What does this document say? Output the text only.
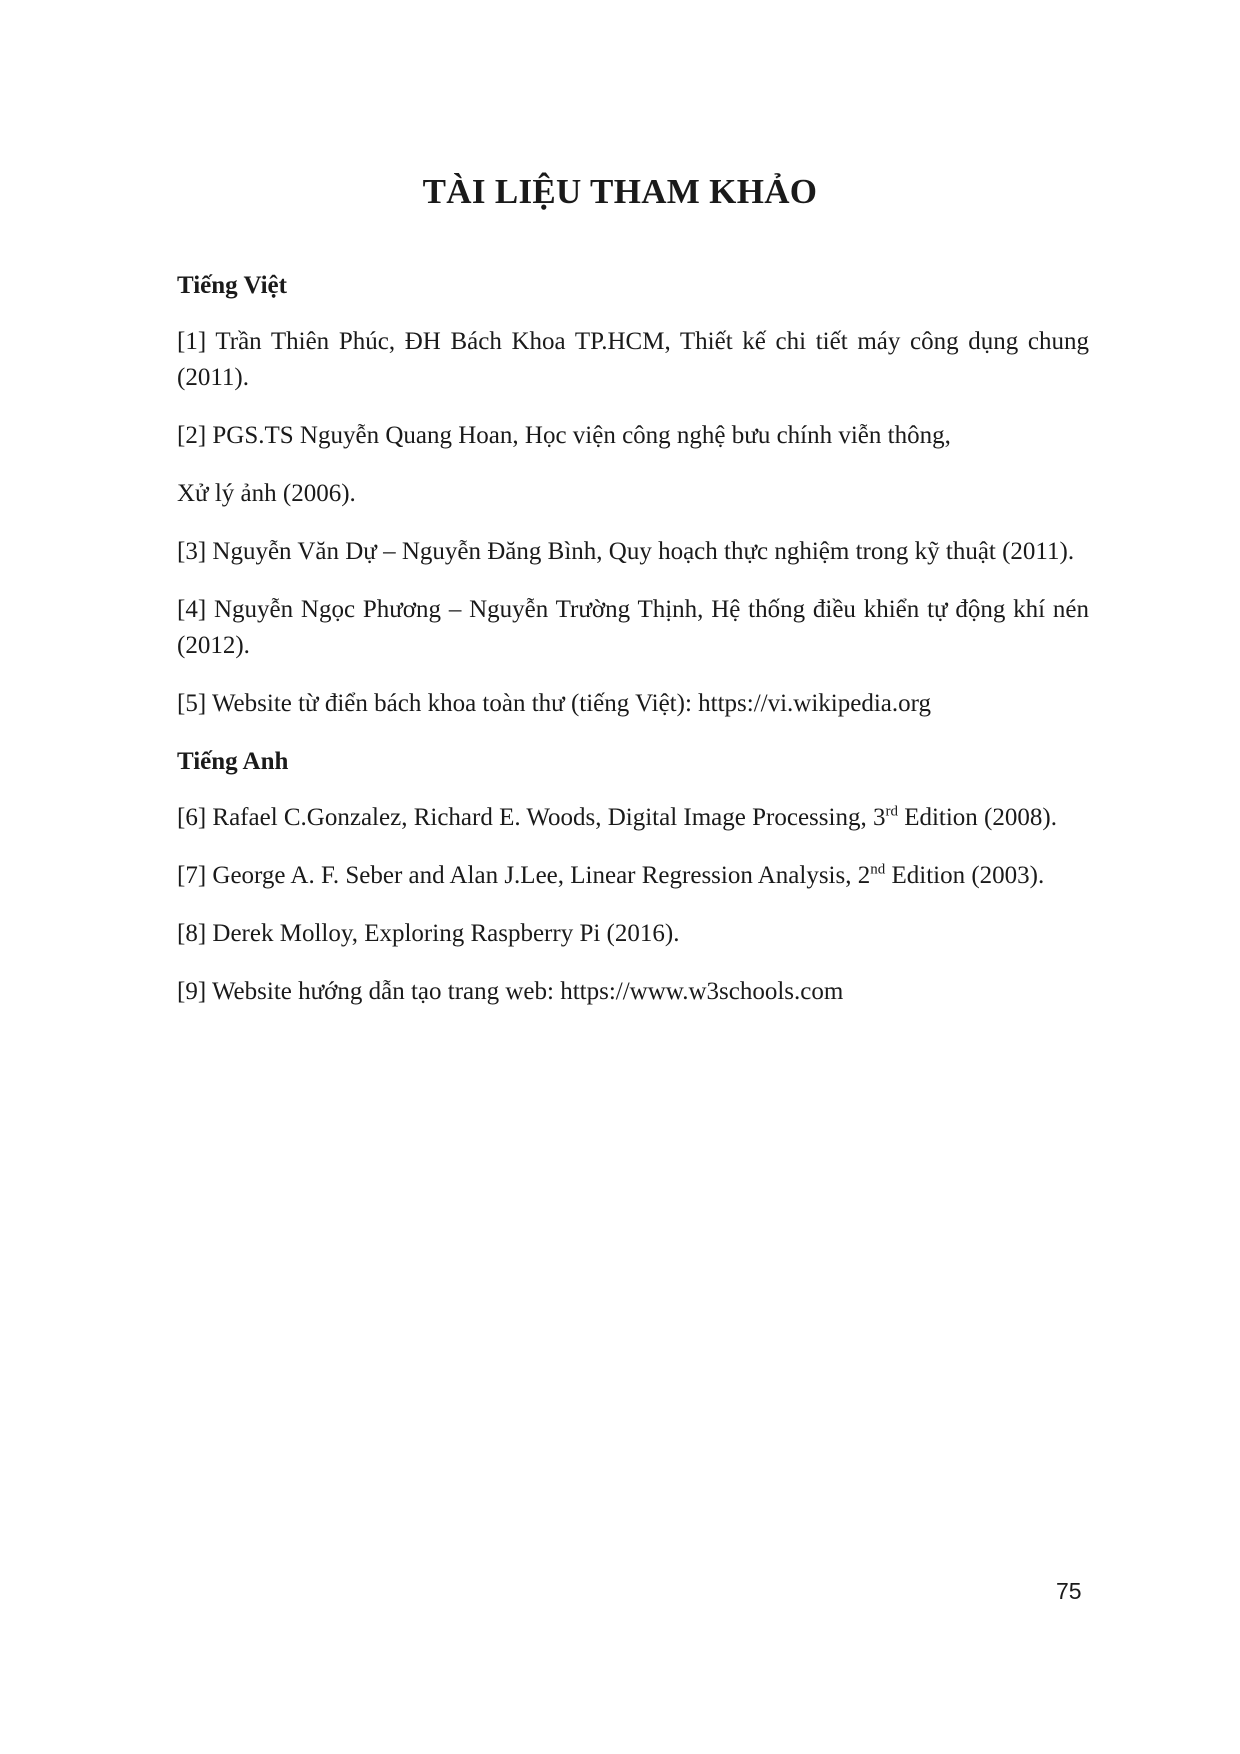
TÀI LIỆU THAM KHẢO
Tiếng Việt

[1] Trần Thiên Phúc, ĐH Bách Khoa TP.HCM, Thiết kế chi tiết máy công dụng chung (2011).

[2] PGS.TS Nguyễn Quang Hoan, Học viện công nghệ bưu chính viễn thông,

Xử lý ảnh (2006).

[3] Nguyễn Văn Dự – Nguyễn Đăng Bình, Quy hoạch thực nghiệm trong kỹ thuật (2011).

[4] Nguyễn Ngọc Phương – Nguyễn Trường Thịnh, Hệ thống điều khiển tự động khí nén (2012).

[5] Website từ điển bách khoa toàn thư (tiếng Việt): https://vi.wikipedia.org

Tiếng Anh

[6] Rafael C.Gonzalez, Richard E. Woods, Digital Image Processing, 3rd Edition (2008).

[7] George A. F. Seber and Alan J.Lee, Linear Regression Analysis, 2nd Edition (2003).

[8] Derek Molloy, Exploring Raspberry Pi (2016).

[9] Website hướng dẫn tạo trang web: https://www.w3schools.com

75
